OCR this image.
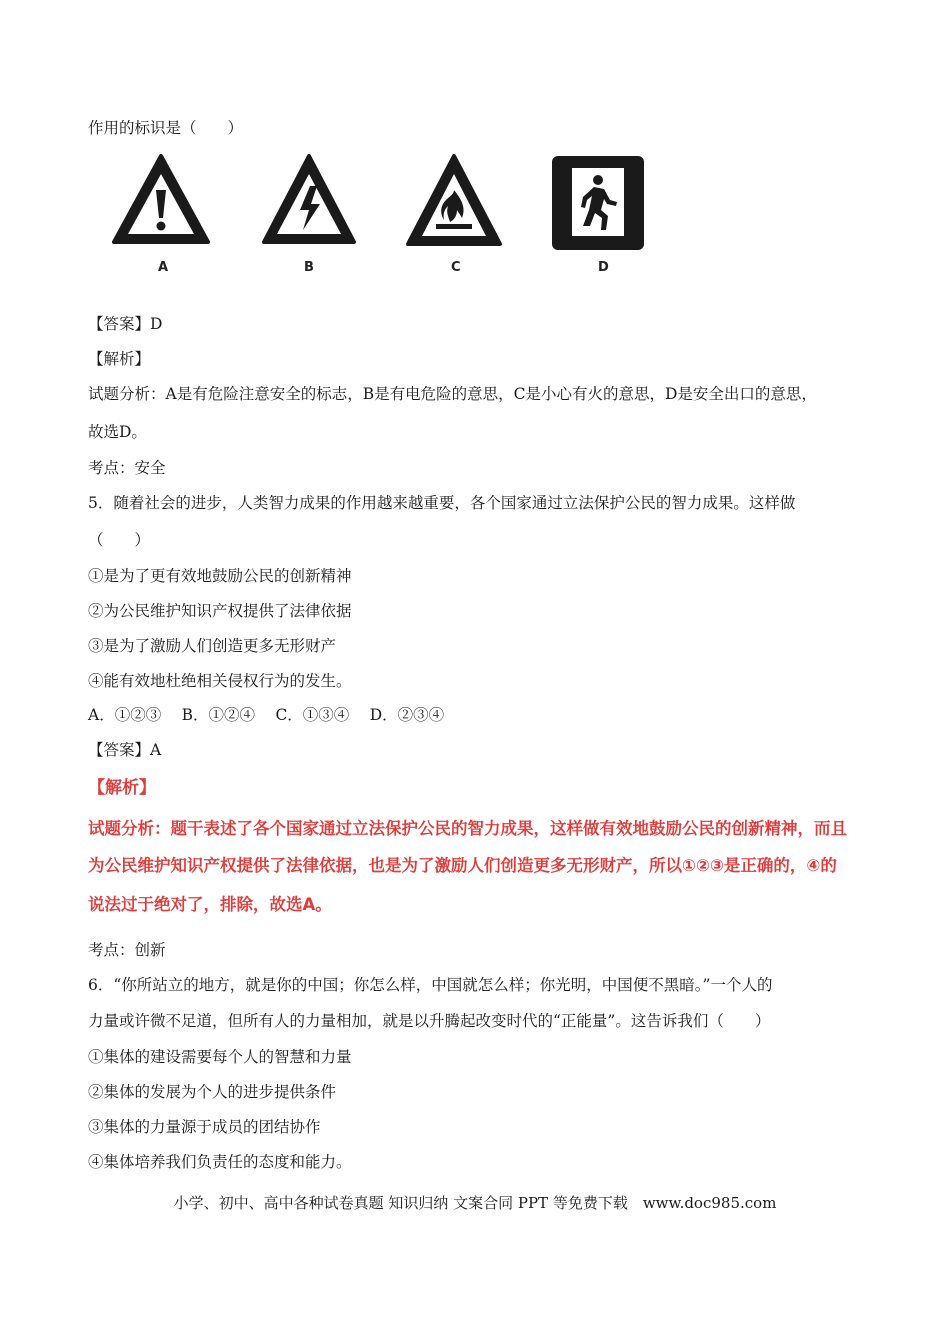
作用的标识是（　　）
A	B	C	D
【答案】D
【解析】
试题分析：A是有危险注意安全的标志，B是有电危险的意思，C是小心有火的意思，D是安全出口的意思，
故选D。
考点：安全
5．随着社会的进步，人类智力成果的作用越来越重要，各个国家通过立法保护公民的智力成果。这样做
（　　）
①是为了更有效地鼓励公民的创新精神
②为公民维护知识产权提供了法律依据
③是为了激励人们创造更多无形财产
④能有效地杜绝相关侵权行为的发生。
A．①②③　 B．①②④　 C．①③④　 D．②③④
【答案】A
【解析】
试题分析：题干表述了各个国家通过立法保护公民的智力成果，这样做有效地鼓励公民的创新精神，而且
为公民维护知识产权提供了法律依据，也是为了激励人们创造更多无形财产，所以①②③是正确的，④的
说法过于绝对了，排除，故选A。
考点：创新
6．“你所站立的地方，就是你的中国；你怎么样，中国就怎么样；你光明，中国便不黑暗。”一个人的
力量或许微不足道，但所有人的力量相加，就是以升腾起改变时代的“正能量”。这告诉我们（　　）
①集体的建设需要每个人的智慧和力量
②集体的发展为个人的进步提供条件
③集体的力量源于成员的团结协作
④集体培养我们负责任的态度和能力。
小学、初中、高中各种试卷真题 知识归纳 文案合同 PPT 等免费下载　www.doc985.com
